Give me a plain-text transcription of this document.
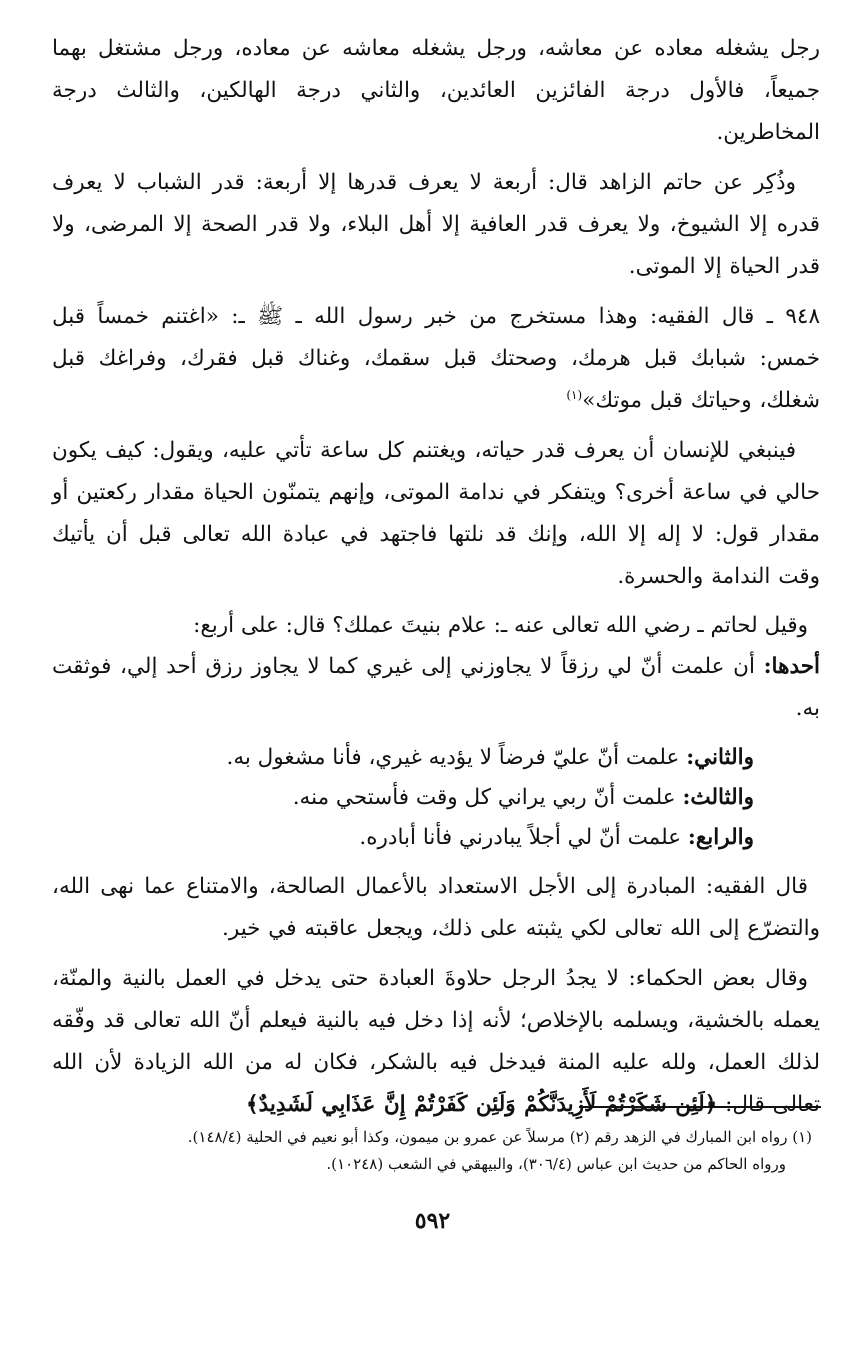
رجل يشغله معاده عن معاشه، ورجل يشغله معاشه عن معاده، ورجل مشتغل بهما جميعاً، فالأول درجة الفائزين العائدين، والثاني درجة الهالكين، والثالث درجة المخاطرين.

وذُكِر عن حاتم الزاهد قال: أربعة لا يعرف قدرها إلا أربعة: قدر الشباب لا يعرف قدره إلا الشيوخ، ولا يعرف قدر العافية إلا أهل البلاء، ولا قدر الصحة إلا المرضى، ولا قدر الحياة إلا الموتى.

٩٤٨ ـ قال الفقيه: وهذا مستخرج من خبر رسول الله ـ ﷺ ـ: «اغتنم خمساً قبل خمس: شبابك قبل هرمك، وصحتك قبل سقمك، وغناك قبل فقرك، وفراغك قبل شغلك، وحياتك قبل موتك»$^{(١)}$

فينبغي للإنسان أن يعرف قدر حياته، ويغتنم كل ساعة تأتي عليه، ويقول: كيف يكون حالي في ساعة أخرى؟ ويتفكر في ندامة الموتى، وإنهم يتمنّون الحياة مقدار ركعتين أو مقدار قول: لا إله إلا الله، وإنك قد نلتها فاجتهد في عبادة الله تعالى قبل أن يأتيك وقت الندامة والحسرة.

وقيل لحاتم ـ رضي الله تعالى عنه ـ: علام بنيتَ عملك؟ قال: على أربع:

أحدها: أن علمت أنّ لي رزقاً لا يجاوزني إلى غيري كما لا يجاوز رزق أحد إلي، فوثقت به.

والثاني: علمت أنّ عليّ فرضاً لا يؤديه غيري، فأنا مشغول به.

والثالث: علمت أنّ ربي يراني كل وقت فأستحي منه.

والرابع: علمت أنّ لي أجلاً يبادرني فأنا أبادره.

قال الفقيه: المبادرة إلى الأجل الاستعداد بالأعمال الصالحة، والامتناع عما نهى الله، والتضرّع إلى الله تعالى لكي يثبته على ذلك، ويجعل عاقبته في خير.

وقال بعض الحكماء: لا يجدُ الرجل حلاوةَ العبادة حتى يدخل في العمل بالنية والمنّة، يعمله بالخشية، ويسلمه بالإخلاص؛ لأنه إذا دخل فيه بالنية فيعلم أنّ الله تعالى قد وفّقه لذلك العمل، ولله عليه المنة فيدخل فيه بالشكر، فكان له من الله الزيادة لأن الله تعالى قال: ﴿لَئِن شَكَرْتُمْ لَأَزِيدَنَّكُمْ وَلَئِن كَفَرْتُمْ إِنَّ عَذَابِي لَشَدِيدٌ﴾

(١) رواه ابن المبارك في الزهد رقم (٢) مرسلاً عن عمرو بن ميمون، وكذا أبو نعيم في الحلية (١٤٨/٤).

ورواه الحاكم من حديث ابن عباس (٣٠٦/٤)، والبيهقي في الشعب (١٠٢٤٨).

٥٩٢
